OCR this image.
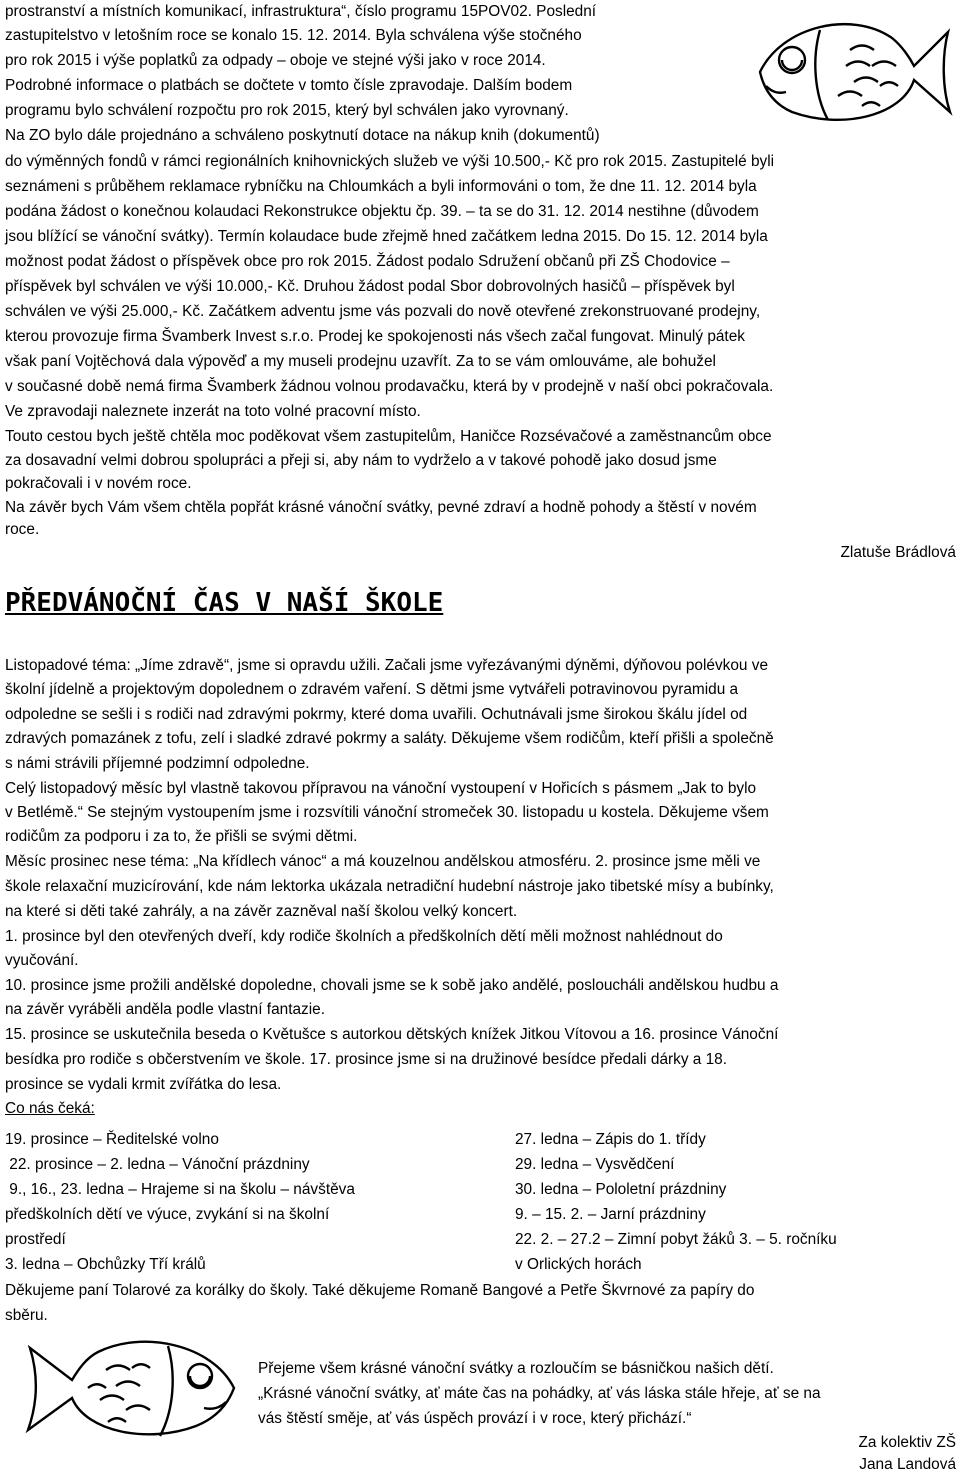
prostranství a místních komunikací, infrastruktura“, číslo programu 15POV02. Poslední
zastupitelstvo v letošním roce se konalo 15. 12. 2014. Byla schválena výše stočného
pro rok 2015 i výše poplatků za odpady – oboje ve stejné výši jako v roce 2014.
Podrobné informace o platbách se dočtete v tomto čísle zpravodaje. Dalším bodem
programu bylo schválení rozpočtu pro rok 2015, který byl schválen jako vyrovnaný.
Na ZO bylo dále projednáno a schváleno poskytnutí dotace na nákup knih (dokumentů)
do výměnných fondů v rámci regionálních knihovnických služeb ve výši 10.500,- Kč pro rok 2015. Zastupitelé byli
seznámeni s průběhem reklamace rybníčku na Chloumkách a byli informováni o tom, že dne 11. 12. 2014 byla
podána žádost o konečnou kolaudaci Rekonstrukce objektu čp. 39. – ta se do 31. 12. 2014 nestihne (důvodem
jsou blížící se vánoční svátky). Termín kolaudace bude zřejmě hned začátkem ledna 2015. Do 15. 12. 2014 byla
možnost podat žádost o příspěvek obce pro rok 2015. Žádost podalo Sdružení občanů při ZŠ Chodovice –
příspěvek byl schválen ve výši 10.000,- Kč. Druhou žádost podal Sbor dobrovolných hasičů – příspěvek byl
schválen ve výši 25.000,- Kč. Začátkem adventu jsme vás pozvali do nově otevřené zrekonstruované prodejny,
kterou provozuje firma Švamberk Invest s.r.o. Prodej ke spokojenosti nás všech začal fungovat. Minulý pátek
však paní Vojtěchová dala výpověď a my museli prodejnu uzavřít. Za to se vám omlouváme, ale bohužel
v současné době nemá firma Švamberk žádnou volnou prodavačku, která by v prodejně v naší obci pokračovala.
Ve zpravodaji naleznete inzerát na toto volné pracovní místo.
Touto cestou bych ještě chtěla moc poděkovat všem zastupitelům, Haničce Rozsévačové a zaměstnancům obce
za dosavadní velmi dobrou spolupráci a přeji si, aby nám to vydrželo a v takové pohodě jako dosud jsme
pokračovali i v novém roce.
Na závěr bych Vám všem chtěla popřát krásné vánoční svátky, pevné zdraví a hodně pohody a štěstí v novém
roce.
Zlatuše Brádlová
PŘEDVÁNOČNÍ ČAS V NAŠÍ ŠKOLE
Listopadové téma: „Jíme zdravě“, jsme si opravdu užili. Začali jsme vyřezávanými dýněmi, dýňovou polévkou ve
školní jídelně a projektovým dopolednem o zdravém vaření. S dětmi jsme vytvářeli potravinovou pyramidu a
odpoledne se sešli i s rodiči nad zdravými pokrmy, které doma uvařili. Ochutnávali jsme širokou škálu jídel od
zdravých pomazánek z tofu, zelí i sladké zdravé pokrmy a saláty. Děkujeme všem rodičům, kteří přišli a společně
s námi strávili příjemné podzimní odpoledne.
Celý listopadový měsíc byl vlastně takovou přípravou na vánoční vystoupení v Hořicích s pásmem „Jak to bylo
v Betlémě.“ Se stejným vystoupením jsme i rozsvítili vánoční stromeček 30. listopadu u kostela. Děkujeme všem
rodičům za podporu i za to, že přišli se svými dětmi.
Měsíc prosinec nese téma: „Na křídlech vánoc“ a má kouzelnou andělskou atmosféru. 2. prosince jsme měli ve
škole relaxační muzicírování, kde nám lektorka ukázala netradiční hudební nástroje jako tibetské mísy a bubínky,
na které si děti také zahrály, a na závěr zazněval naší školou velký koncert.
1. prosince byl den otevřených dveří, kdy rodiče školních a předškolních dětí měli možnost nahlédnout do
vyučování.
10. prosince jsme prožili andělské dopoledne, chovali jsme se k sobě jako andělé, posloucháli andělskou hudbu a
na závěr vyráběli anděla podle vlastní fantazie.
15. prosince se uskutečnila beseda o Květušce s autorkou dětských knížek Jitkou Vítovou a 16. prosince Vánoční
besídka pro rodiče s občerstvením ve škole. 17. prosince jsme si na družinové besídce předali dárky a 18.
prosince se vydali krmit zvířátka do lesa.
Co nás čeká:
19. prosince – Ředitelské volno
22. prosince – 2. ledna – Vánoční prázdniny
9., 16., 23. ledna – Hrajeme si na školu – návštěva
předškolních dětí ve výuce, zvykání si na školní
prostředí
3. ledna – Obchůzky Tří králů
27. ledna – Zápis do 1. třídy
29. ledna – Vysvědčení
30. ledna – Pololetní prázdniny
9. – 15. 2. – Jarní prázdniny
22. 2. – 27.2 – Zimní pobyt žáků 3. – 5. ročníku
v Orlických horách
Děkujeme paní Tolarové za korálky do školy. Také děkujeme Romaně Bangové a Petře Škvrnové za papíry do
sběru.
Přejeme všem krásné vánoční svátky a rozloučím se básničkou našich dětí.
„Krásné vánoční svátky, ať máte čas na pohádky, ať vás láska stále hřeje, ať se na
vás štěstí směje, ať vás úspěch provází i v roce, který přichází.“
Za kolektiv ZŠ
Jana Landová
